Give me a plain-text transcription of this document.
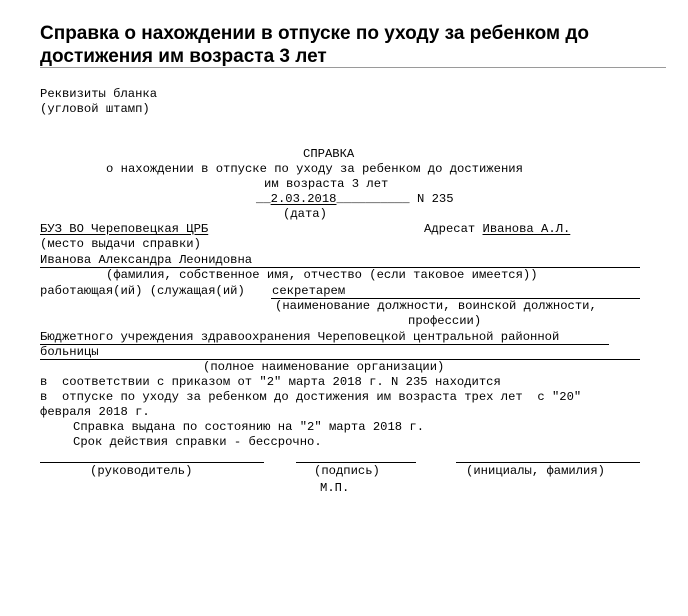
Справка о нахождении в отпуске по уходу за ребенком до достижения им возраста 3 лет

Реквизиты бланка

(угловой штамп)

СПРАВКА

о нахождении в отпуске по уходу за ребенком до достижения

им возраста 3 лет

__2.03.2018__________ N 235

(дата)

БУЗ ВО Череповецкая ЦРБ

	Адресат Иванова А.Л.

(место выдачи справки)

Иванова Александра Леонидовна

(фамилия, собственное имя, отчество (если таковое имеется))

работающая(ий) (служащая(ий)

секретарем

(наименование должности, воинской должности,

профессии)

Бюджетного учреждения здравоохранения Череповецкой центральной районной

больницы

(полное наименование организации)

в  соответствии с приказом от "2" марта 2018 г. N 235 находится

в  отпуске по уходу за ребенком до достижения им возраста трех лет  с "20"

февраля 2018 г.

Справка выдана по состоянию на "2" марта 2018 г.

Срок действия справки - бессрочно.

(руководитель)

	(подпись)

	(инициалы, фамилия)

М.П.
